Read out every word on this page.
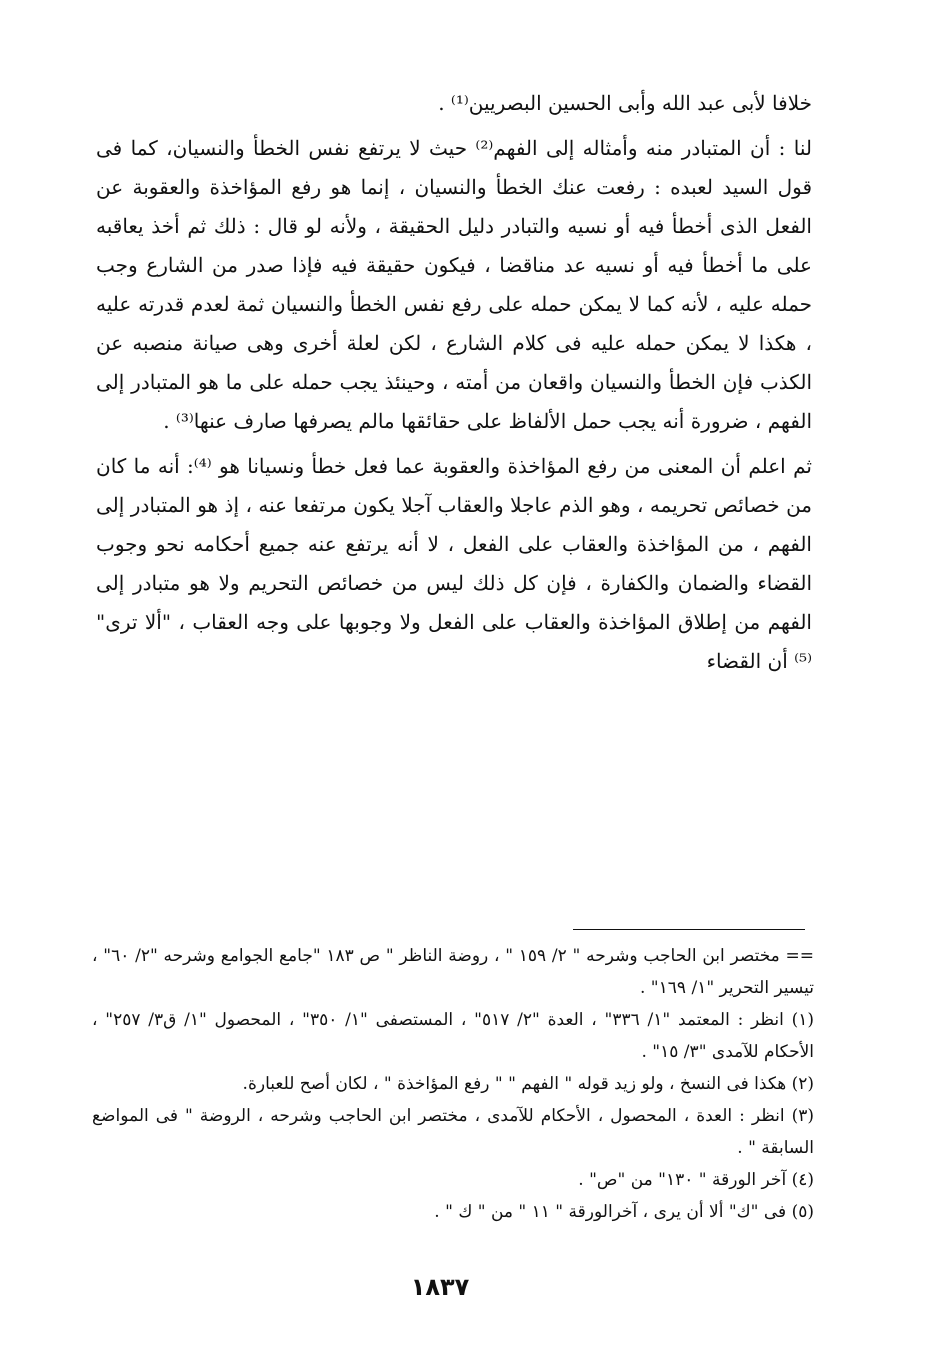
خلافا لأبى عبد الله وأبى الحسين البصريين⁽¹⁾ .

لنا : أن المتبادر منه وأمثاله إلى الفهم⁽²⁾ حيث لا يرتفع نفس الخطأ والنسيان، كما فى قول السيد لعبده : رفعت عنك الخطأ والنسيان ، إنما هو رفع المؤاخذة والعقوبة عن الفعل الذى أخطأ فيه أو نسيه والتبادر دليل الحقيقة ، ولأنه لو قال : ذلك ثم أخذ يعاقبه على ما أخطأ فيه أو نسيه عد مناقضا ، فيكون حقيقة فيه فإذا صدر من الشارع وجب حمله عليه ، لأنه كما لا يمكن حمله على رفع نفس الخطأ والنسيان ثمة لعدم قدرته عليه ، هكذا لا يمكن حمله عليه فى كلام الشارع ، لكن لعلة أخرى وهى صيانة منصبه عن الكذب فإن الخطأ والنسيان واقعان من أمته ، وحينئذ يجب حمله على ما هو المتبادر إلى الفهم ، ضرورة أنه يجب حمل الألفاظ على حقائقها مالم يصرفها صارف عنها⁽³⁾ .

ثم اعلم أن المعنى من رفع المؤاخذة والعقوبة عما فعل خطأ ونسيانا هو ⁽⁴⁾: أنه ما كان من خصائص تحريمه ، وهو الذم عاجلا والعقاب آجلا يكون مرتفعا عنه ، إذ هو المتبادر إلى الفهم ، من المؤاخذة والعقاب على الفعل ، لا أنه يرتفع عنه جميع أحكامه نحو وجوب القضاء والضمان والكفارة ، فإن كل ذلك ليس من خصائص التحريم ولا هو متبادر إلى الفهم من إطلاق المؤاخذة والعقاب على الفعل ولا وجوبها على وجه العقاب ، "ألا ترى" ⁽⁵⁾ أن القضاء

== مختصر ابن الحاجب وشرحه " ٢/ ١٥٩ " ، روضة الناظر " ص ١٨٣ "جامع الجوامع وشرحه "٢/ ٦٠" ، تيسير التحرير "١/ ١٦٩" .

(١) انظر : المعتمد "١/ ٣٣٦" ، العدة "٢/ ٥١٧" ، المستصفى "١/ ٣٥٠" ، المحصول "١/ ق٣/ ٢٥٧" ، الأحكام للآمدى "٣/ ١٥" .

(٢) هكذا فى النسخ ، ولو زيد قوله " الفهم " " رفع المؤاخذة " ، لكان أصح للعبارة.

(٣) انظر : العدة ، المحصول ، الأحكام للآمدى ، مختصر ابن الحاجب وشرحه ، الروضة " فى المواضع السابقة " .

(٤) آخر الورقة " ١٣٠" من "ص" .

(٥) فى "ك" ألا أن يرى ، آخرالورقة " ١١ " من " ك " .

١٨٣٧
